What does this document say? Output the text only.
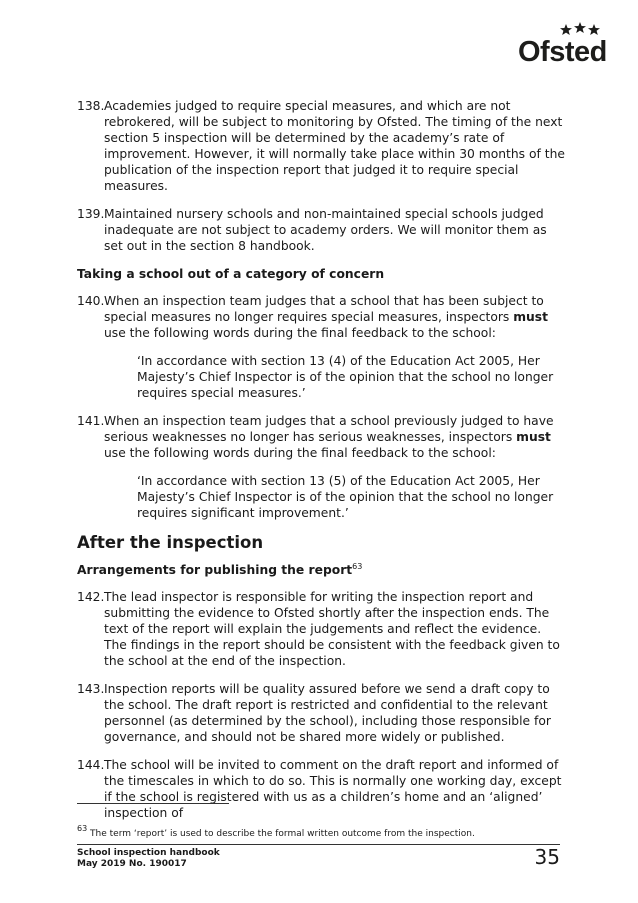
Ofsted
138. Academies judged to require special measures, and which are not rebrokered, will be subject to monitoring by Ofsted. The timing of the next section 5 inspection will be determined by the academy’s rate of improvement. However, it will normally take place within 30 months of the publication of the inspection report that judged it to require special measures.
139. Maintained nursery schools and non-maintained special schools judged inadequate are not subject to academy orders. We will monitor them as set out in the section 8 handbook.
Taking a school out of a category of concern
140. When an inspection team judges that a school that has been subject to special measures no longer requires special measures, inspectors must use the following words during the final feedback to the school:
‘In accordance with section 13 (4) of the Education Act 2005, Her Majesty’s Chief Inspector is of the opinion that the school no longer requires special measures.’
141. When an inspection team judges that a school previously judged to have serious weaknesses no longer has serious weaknesses, inspectors must use the following words during the final feedback to the school:
‘In accordance with section 13 (5) of the Education Act 2005, Her Majesty’s Chief Inspector is of the opinion that the school no longer requires significant improvement.’
After the inspection
Arrangements for publishing the report$^{63}$
142. The lead inspector is responsible for writing the inspection report and submitting the evidence to Ofsted shortly after the inspection ends. The text of the report will explain the judgements and reflect the evidence. The findings in the report should be consistent with the feedback given to the school at the end of the inspection.
143. Inspection reports will be quality assured before we send a draft copy to the school. The draft report is restricted and confidential to the relevant personnel (as determined by the school), including those responsible for governance, and should not be shared more widely or published.
144. The school will be invited to comment on the draft report and informed of the timescales in which to do so. This is normally one working day, except if the school is registered with us as a children’s home and an ‘aligned’ inspection of
$^{63}$ The term ‘report’ is used to describe the formal written outcome from the inspection.
School inspection handbook
May 2019 No. 190017	35
